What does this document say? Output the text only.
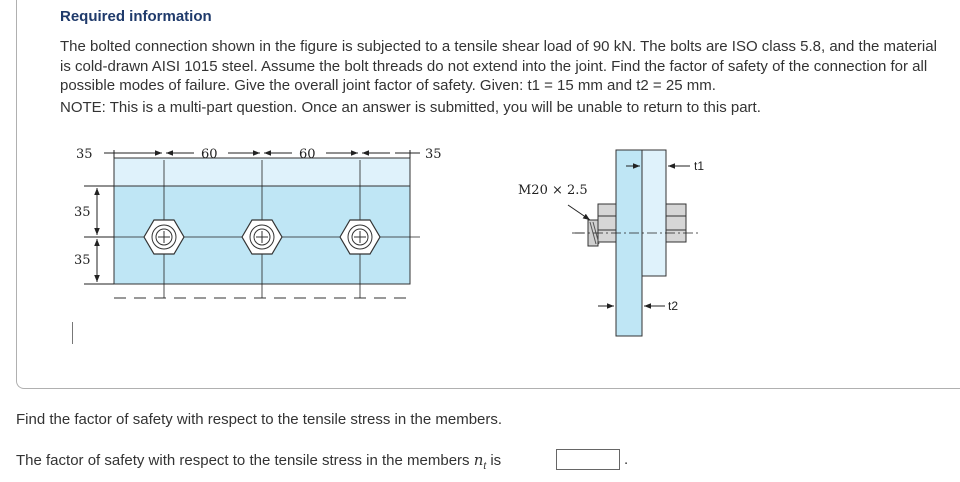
Required information

The bolted connection shown in the figure is subjected to a tensile shear load of 90 kN. The bolts are ISO class 5.8, and the material is cold-drawn AISI 1015 steel. Assume the bolt threads do not extend into the joint. Find the factor of safety of the connection for all possible modes of failure. Give the overall joint factor of safety. Given: t1 = 15 mm and t2 = 25 mm.

NOTE: This is a multi-part question. Once an answer is submitted, you will be unable to return to this part.
35	60	60	35
35
35
M20 × 2.5
t1
t2
Find the factor of safety with respect to the tensile stress in the members.
The factor of safety with respect to the tensile stress in the members $n_t$ is	.
